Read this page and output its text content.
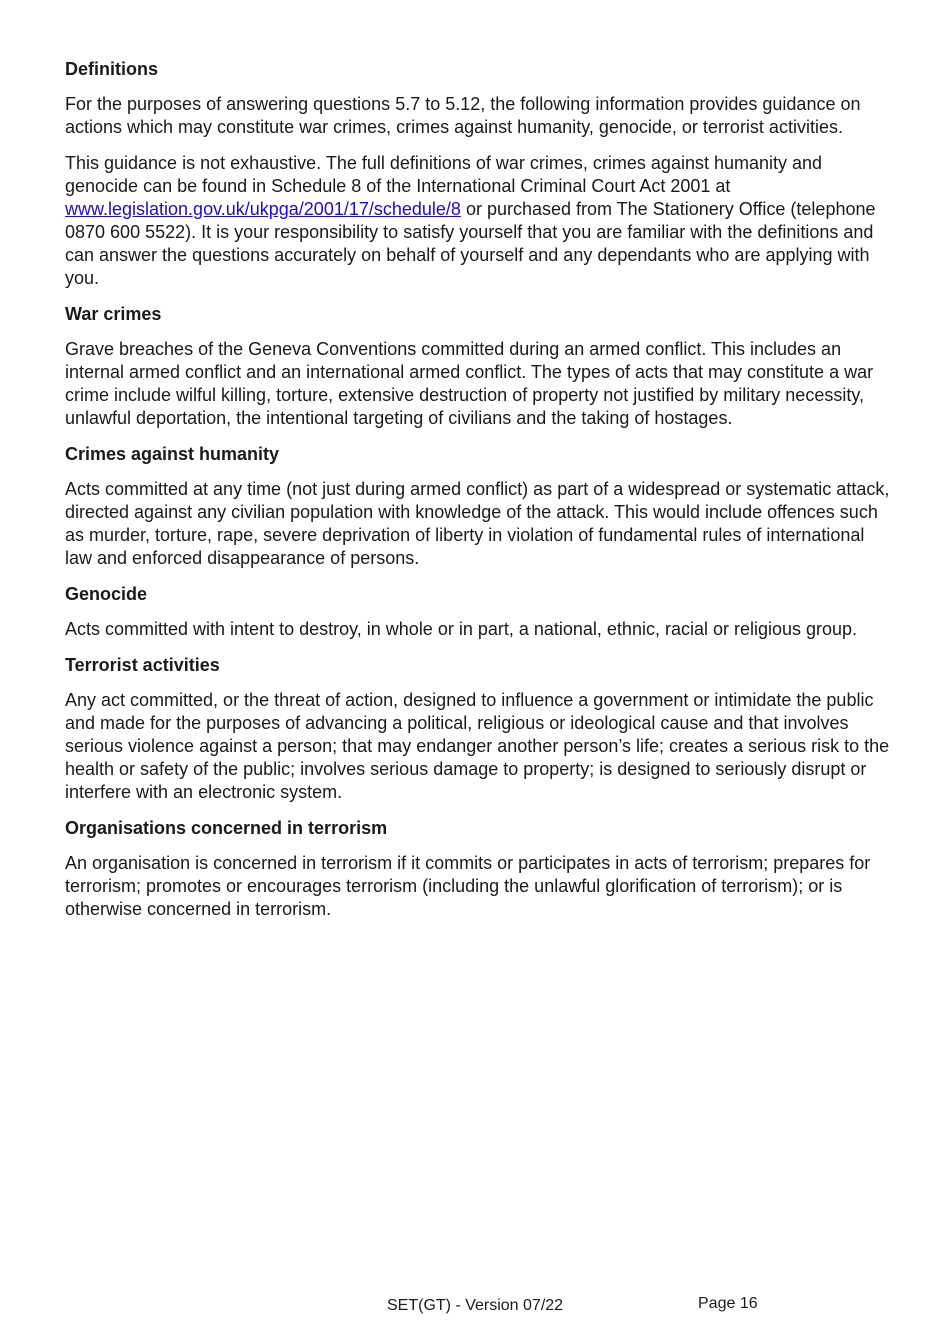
Definitions

For the purposes of answering questions 5.7 to 5.12, the following information provides guidance on actions which may constitute war crimes, crimes against humanity, genocide, or terrorist activities.

This guidance is not exhaustive. The full definitions of war crimes, crimes against humanity and genocide can be found in Schedule 8 of the International Criminal Court Act 2001 at www.legislation.gov.uk/ukpga/2001/17/schedule/8 or purchased from The Stationery Office (telephone 0870 600 5522). It is your responsibility to satisfy yourself that you are familiar with the definitions and can answer the questions accurately on behalf of yourself and any dependants who are applying with you.

War crimes

Grave breaches of the Geneva Conventions committed during an armed conflict. This includes an internal armed conflict and an international armed conflict. The types of acts that may constitute a war crime include wilful killing, torture, extensive destruction of property not justified by military necessity, unlawful deportation, the intentional targeting of civilians and the taking of hostages.

Crimes against humanity

Acts committed at any time (not just during armed conflict) as part of a widespread or systematic attack, directed against any civilian population with knowledge of the attack. This would include offences such as murder, torture, rape, severe deprivation of liberty in violation of fundamental rules of international law and enforced disappearance of persons.

Genocide

Acts committed with intent to destroy, in whole or in part, a national, ethnic, racial or religious group.

Terrorist activities

Any act committed, or the threat of action, designed to influence a government or intimidate the public and made for the purposes of advancing a political, religious or ideological cause and that involves serious violence against a person; that may endanger another person’s life; creates a serious risk to the health or safety of the public; involves serious damage to property; is designed to seriously disrupt or interfere with an electronic system.

Organisations concerned in terrorism

An organisation is concerned in terrorism if it commits or participates in acts of terrorism; prepares for terrorism; promotes or encourages terrorism (including the unlawful glorification of terrorism); or is otherwise concerned in terrorism.

SET(GT) - Version 07/22	Page 16
